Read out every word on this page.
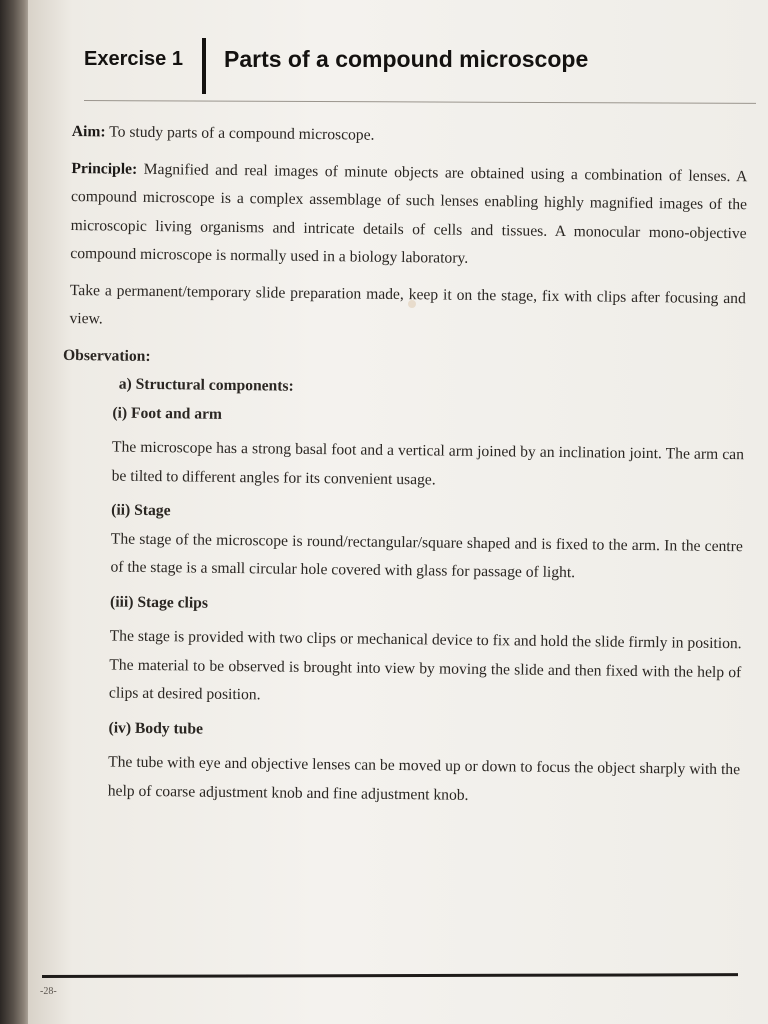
Exercise 1 Parts of a compound microscope

Aim: To study parts of a compound microscope.

Principle: Magnified and real images of minute objects are obtained using a combination of lenses. A compound microscope is a complex assemblage of such lenses enabling highly magnified images of the microscopic living organisms and intricate details of cells and tissues. A monocular mono-objective compound microscope is normally used in a biology laboratory.

Take a permanent/temporary slide preparation made, keep it on the stage, fix with clips after focusing and view.

Observation:

a) Structural components:

(i) Foot and arm
The microscope has a strong basal foot and a vertical arm joined by an inclination joint. The arm can be tilted to different angles for its convenient usage.

(ii) Stage
The stage of the microscope is round/rectangular/square shaped and is fixed to the arm. In the centre of the stage is a small circular hole covered with glass for passage of light.

(iii) Stage clips
The stage is provided with two clips or mechanical device to fix and hold the slide firmly in position. The material to be observed is brought into view by moving the slide and then fixed with the help of clips at desired position.

(iv) Body tube
The tube with eye and objective lenses can be moved up or down to focus the object sharply with the help of coarse adjustment knob and fine adjustment knob.

-28-
